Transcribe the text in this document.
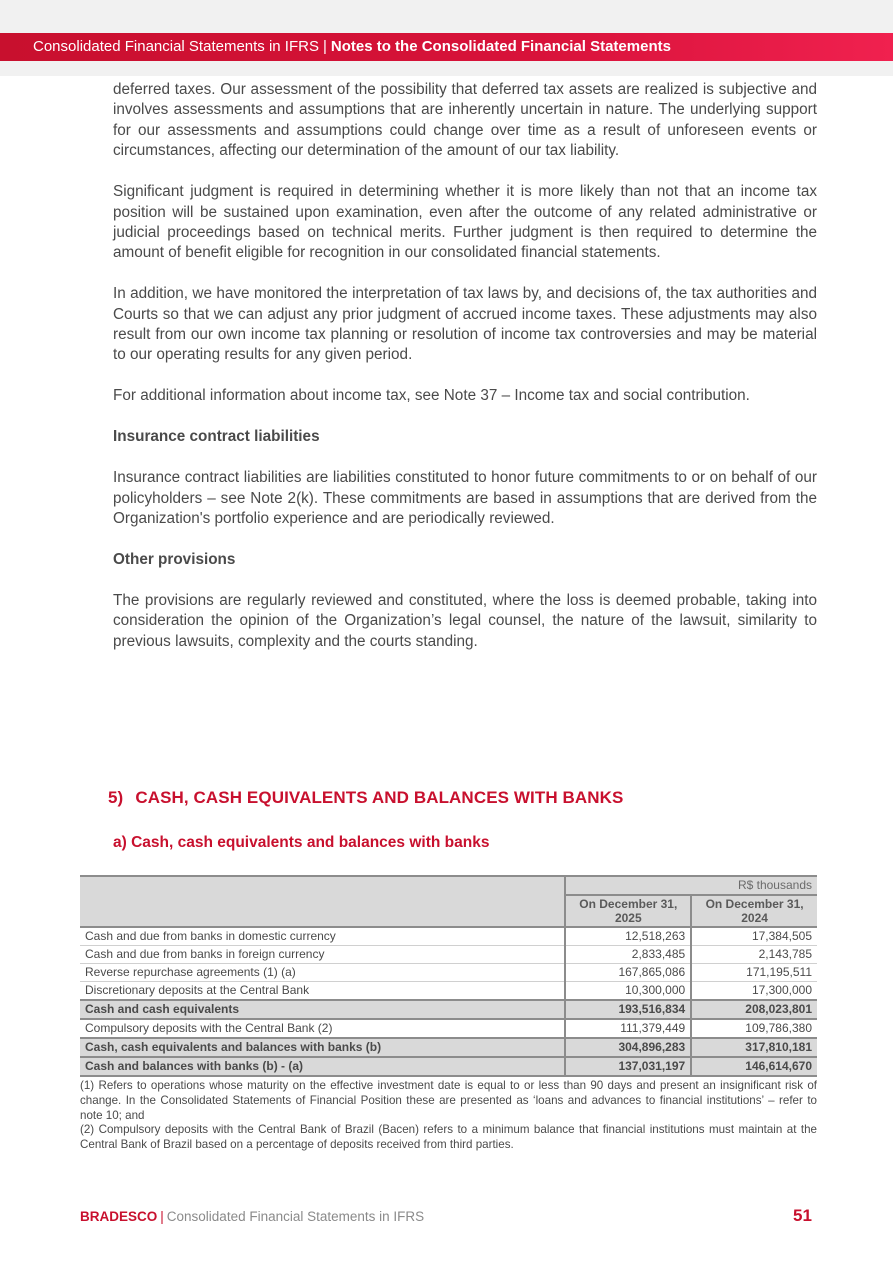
Consolidated Financial Statements in IFRS | Notes to the Consolidated Financial Statements

deferred taxes. Our assessment of the possibility that deferred tax assets are realized is subjective and involves assessments and assumptions that are inherently uncertain in nature. The underlying support for our assessments and assumptions could change over time as a result of unforeseen events or circumstances, affecting our determination of the amount of our tax liability.

Significant judgment is required in determining whether it is more likely than not that an income tax position will be sustained upon examination, even after the outcome of any related administrative or judicial proceedings based on technical merits. Further judgment is then required to determine the amount of benefit eligible for recognition in our consolidated financial statements.

In addition, we have monitored the interpretation of tax laws by, and decisions of, the tax authorities and Courts so that we can adjust any prior judgment of accrued income taxes. These adjustments may also result from our own income tax planning or resolution of income tax controversies and may be material to our operating results for any given period.

For additional information about income tax, see Note 37 – Income tax and social contribution.

Insurance contract liabilities

Insurance contract liabilities are liabilities constituted to honor future commitments to or on behalf of our policyholders – see Note 2(k). These commitments are based in assumptions that are derived from the Organization's portfolio experience and are periodically reviewed.

Other provisions

The provisions are regularly reviewed and constituted, where the loss is deemed probable, taking into consideration the opinion of the Organization’s legal counsel, the nature of the lawsuit, similarity to previous lawsuits, complexity and the courts standing.

5) CASH, CASH EQUIVALENTS AND BALANCES WITH BANKS
a) Cash, cash equivalents and balances with banks
	R$ thousands	
	On December 31, 2025	On December 31, 2024
Cash and due from banks in domestic currency	12,518,263	17,384,505
Cash and due from banks in foreign currency	2,833,485	2,143,785
Reverse repurchase agreements (1) (a)	167,865,086	171,195,511
Discretionary deposits at the Central Bank	10,300,000	17,300,000
Cash and cash equivalents	193,516,834	208,023,801
Compulsory deposits with the Central Bank (2)	111,379,449	109,786,380
Cash, cash equivalents and balances with banks (b)	304,896,283	317,810,181
Cash and balances with banks (b) - (a)	137,031,197	146,614,670

(1) Refers to operations whose maturity on the effective investment date is equal to or less than 90 days and present an insignificant risk of change. In the Consolidated Statements of Financial Position these are presented as ‘loans and advances to financial institutions’ – refer to note 10; and

(2) Compulsory deposits with the Central Bank of Brazil (Bacen) refers to a minimum balance that financial institutions must maintain at the Central Bank of Brazil based on a percentage of deposits received from third parties.

BRADESCO | Consolidated Financial Statements in IFRS	51
